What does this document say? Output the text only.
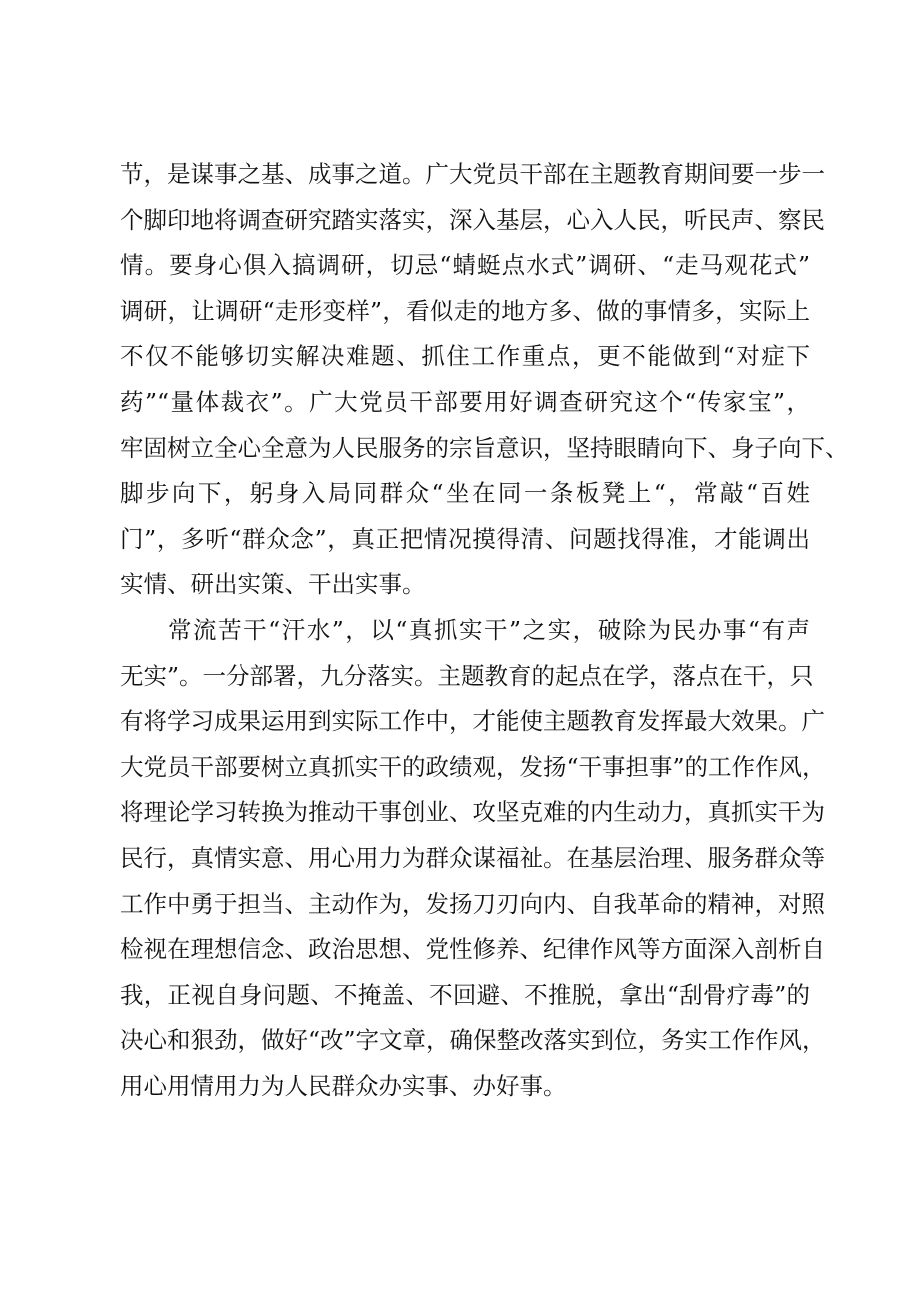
节，是谋事之基、成事之道。广大党员干部在主题教育期间要一步一
个脚印地将调查研究踏实落实，深入基层，心入人民，听民声、察民
情。要身心俱入搞调研，切忌“蜻蜓点水式”调研、“走马观花式”
调研，让调研“走形变样”，看似走的地方多、做的事情多，实际上
不仅不能够切实解决难题、抓住工作重点，更不能做到“对症下
药”“量体裁衣”。广大党员干部要用好调查研究这个“传家宝”，
牢固树立全心全意为人民服务的宗旨意识，坚持眼睛向下、身子向下、
脚步向下，躬身入局同群众“坐在同一条板凳上“，常敲“百姓
门”，多听“群众念”，真正把情况摸得清、问题找得准，才能调出
实情、研出实策、干出实事。
常流苦干“汗水”，以“真抓实干”之实，破除为民办事“有声
无实”。一分部署，九分落实。主题教育的起点在学，落点在干，只
有将学习成果运用到实际工作中，才能使主题教育发挥最大效果。广
大党员干部要树立真抓实干的政绩观，发扬“干事担事”的工作作风，
将理论学习转换为推动干事创业、攻坚克难的内生动力，真抓实干为
民行，真情实意、用心用力为群众谋福祉。在基层治理、服务群众等
工作中勇于担当、主动作为，发扬刀刃向内、自我革命的精神，对照
检视在理想信念、政治思想、党性修养、纪律作风等方面深入剖析自
我，正视自身问题、不掩盖、不回避、不推脱，拿出“刮骨疗毒”的
决心和狠劲，做好“改”字文章，确保整改落实到位，务实工作作风，
用心用情用力为人民群众办实事、办好事。
